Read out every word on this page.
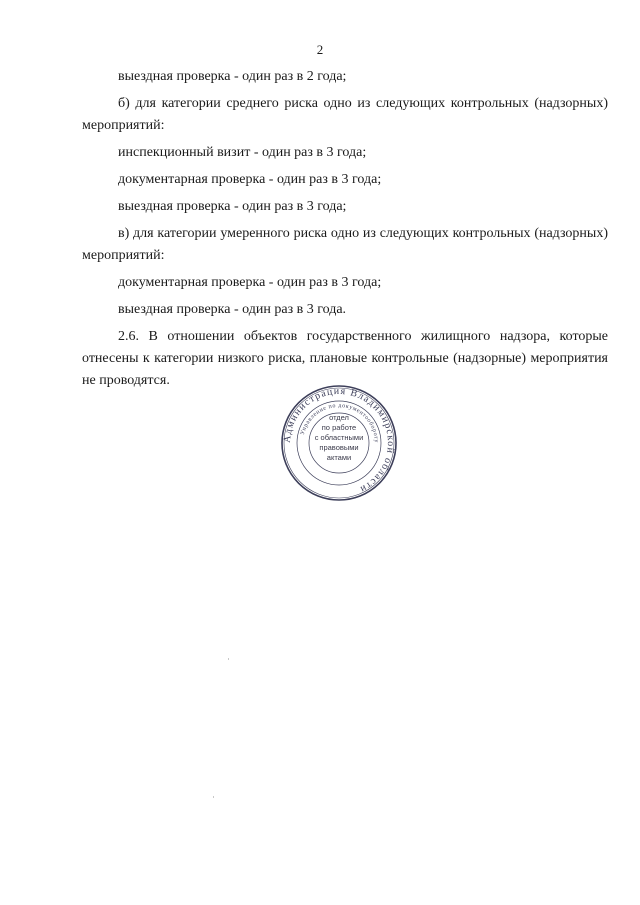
2

выездная проверка - один раз в 2 года;

б) для категории среднего риска одно из следующих контрольных (надзорных) мероприятий:

инспекционный визит - один раз в 3 года;

документарная проверка - один раз в 3 года;

выездная проверка - один раз в 3 года;

в) для категории умеренного риска одно из следующих контрольных (надзорных) мероприятий:

документарная проверка - один раз в 3 года;

выездная проверка - один раз в 3 года.

2.6. В отношении объектов государственного жилищного надзора, которые отнесены к категории низкого риска, плановые контрольные (надзорные) мероприятия не проводятся.

Администрация Владимирской области
Управление по документообороту
отдел
по работе
с областными
правовыми
актами
